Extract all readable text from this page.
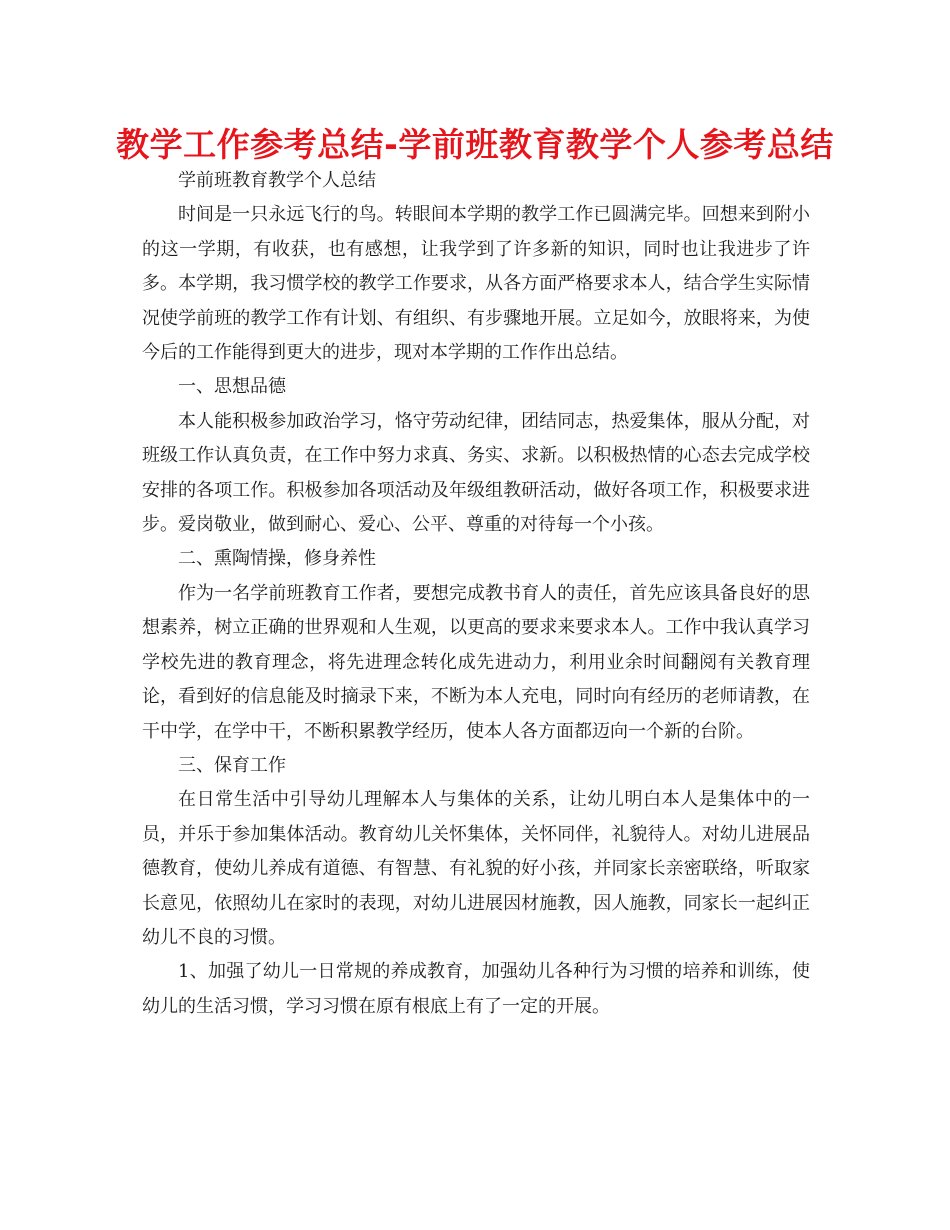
教学工作参考总结-学前班教育教学个人参考总结

学前班教育教学个人总结

时间是一只永远飞行的鸟。转眼间本学期的教学工作已圆满完毕。回想来到附小的这一学期，有收获，也有感想，让我学到了许多新的知识，同时也让我进步了许多。本学期，我习惯学校的教学工作要求，从各方面严格要求本人，结合学生实际情况使学前班的教学工作有计划、有组织、有步骤地开展。立足如今，放眼将来，为使今后的工作能得到更大的进步，现对本学期的工作作出总结。

一、思想品德

本人能积极参加政治学习，恪守劳动纪律，团结同志，热爱集体，服从分配，对班级工作认真负责，在工作中努力求真、务实、求新。以积极热情的心态去完成学校安排的各项工作。积极参加各项活动及年级组教研活动，做好各项工作，积极要求进步。爱岗敬业，做到耐心、爱心、公平、尊重的对待每一个小孩。

二、熏陶情操，修身养性

作为一名学前班教育工作者，要想完成教书育人的责任，首先应该具备良好的思想素养，树立正确的世界观和人生观，以更高的要求来要求本人。工作中我认真学习学校先进的教育理念，将先进理念转化成先进动力，利用业余时间翻阅有关教育理论，看到好的信息能及时摘录下来，不断为本人充电，同时向有经历的老师请教，在干中学，在学中干，不断积累教学经历，使本人各方面都迈向一个新的台阶。

三、保育工作

在日常生活中引导幼儿理解本人与集体的关系，让幼儿明白本人是集体中的一员，并乐于参加集体活动。教育幼儿关怀集体，关怀同伴，礼貌待人。对幼儿进展品德教育，使幼儿养成有道德、有智慧、有礼貌的好小孩，并同家长亲密联络，听取家长意见，依照幼儿在家时的表现，对幼儿进展因材施教，因人施教，同家长一起纠正幼儿不良的习惯。

1、加强了幼儿一日常规的养成教育，加强幼儿各种行为习惯的培养和训练，使幼儿的生活习惯，学习习惯在原有根底上有了一定的开展。
